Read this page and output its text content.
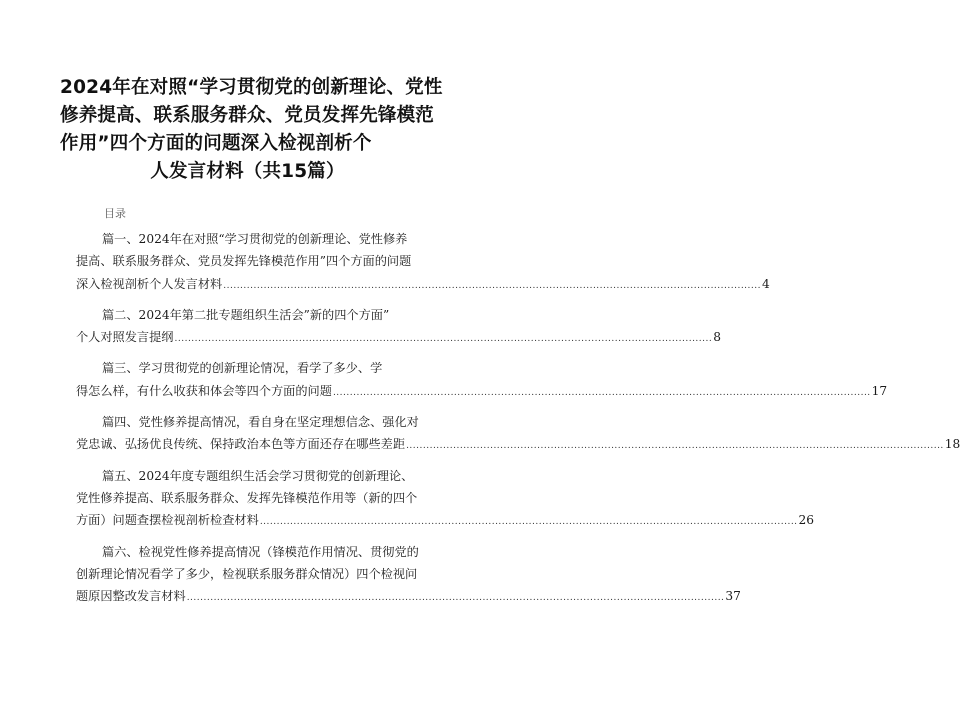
2024年在对照“学习贯彻党的创新理论、党性
修养提高、联系服务群众、党员发挥先锋模范
作用”四个方面的问题深入检视剖析个
人发言材料（共15篇）
目录
篇一、2024年在对照“学习贯彻党的创新理论、党性修养
提高、联系服务群众、党员发挥先锋模范作用”四个方面的问题
深入检视剖析个人发言材料 ................................................................................................................................................................ 4
篇二、2024年第二批专题组织生活会”新的四个方面”
个人对照发言提纲 ................................................................................................................................................................ 8
篇三、学习贯彻党的创新理论情况，看学了多少、学
得怎么样，有什么收获和体会等四个方面的问题 ................................................................................................................................................................ 17
篇四、党性修养提高情况，看自身在坚定理想信念、强化对
党忠诚、弘扬优良传统、保持政治本色等方面还存在哪些差距 ................................................................................................................................................................ 18
篇五、2024年度专题组织生活会学习贯彻党的创新理论、
党性修养提高、联系服务群众、发挥先锋模范作用等（新的四个
方面）问题查摆检视剖析检查材料 ................................................................................................................................................................ 26
篇六、检视党性修养提高情况（锋模范作用情况、贯彻党的
创新理论情况看学了多少，检视联系服务群众情况）四个检视问
题原因整改发言材料 ................................................................................................................................................................ 37
